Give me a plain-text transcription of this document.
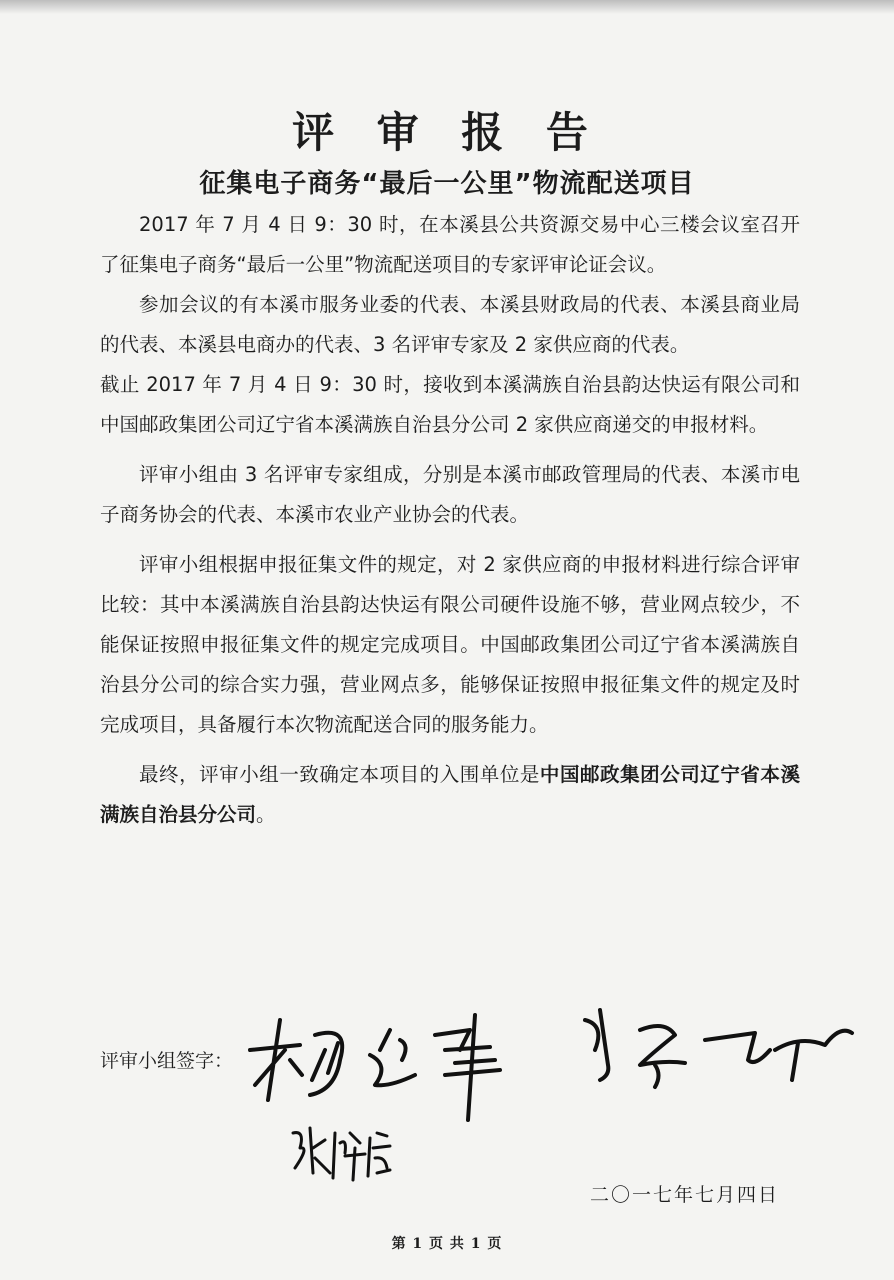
评 审 报 告
征集电子商务“最后一公里”物流配送项目

2017 年 7 月 4 日 9：30 时，在本溪县公共资源交易中心三楼会议室召开了征集电子商务“最后一公里”物流配送项目的专家评审论证会议。

参加会议的有本溪市服务业委的代表、本溪县财政局的代表、本溪县商业局的代表、本溪县电商办的代表、3 名评审专家及 2 家供应商的代表。

截止 2017 年 7 月 4 日 9：30 时，接收到本溪满族自治县韵达快运有限公司和中国邮政集团公司辽宁省本溪满族自治县分公司 2 家供应商递交的申报材料。

评审小组由 3 名评审专家组成，分别是本溪市邮政管理局的代表、本溪市电子商务协会的代表、本溪市农业产业协会的代表。

评审小组根据申报征集文件的规定，对 2 家供应商的申报材料进行综合评审比较：其中本溪满族自治县韵达快运有限公司硬件设施不够，营业网点较少，不能保证按照申报征集文件的规定完成项目。中国邮政集团公司辽宁省本溪满族自治县分公司的综合实力强，营业网点多，能够保证按照申报征集文件的规定及时完成项目，具备履行本次物流配送合同的服务能力。

最终，评审小组一致确定本项目的入围单位是中国邮政集团公司辽宁省本溪满族自治县分公司。

评审小组签字：
二〇一七年七月四日
第 1 页 共 1 页
